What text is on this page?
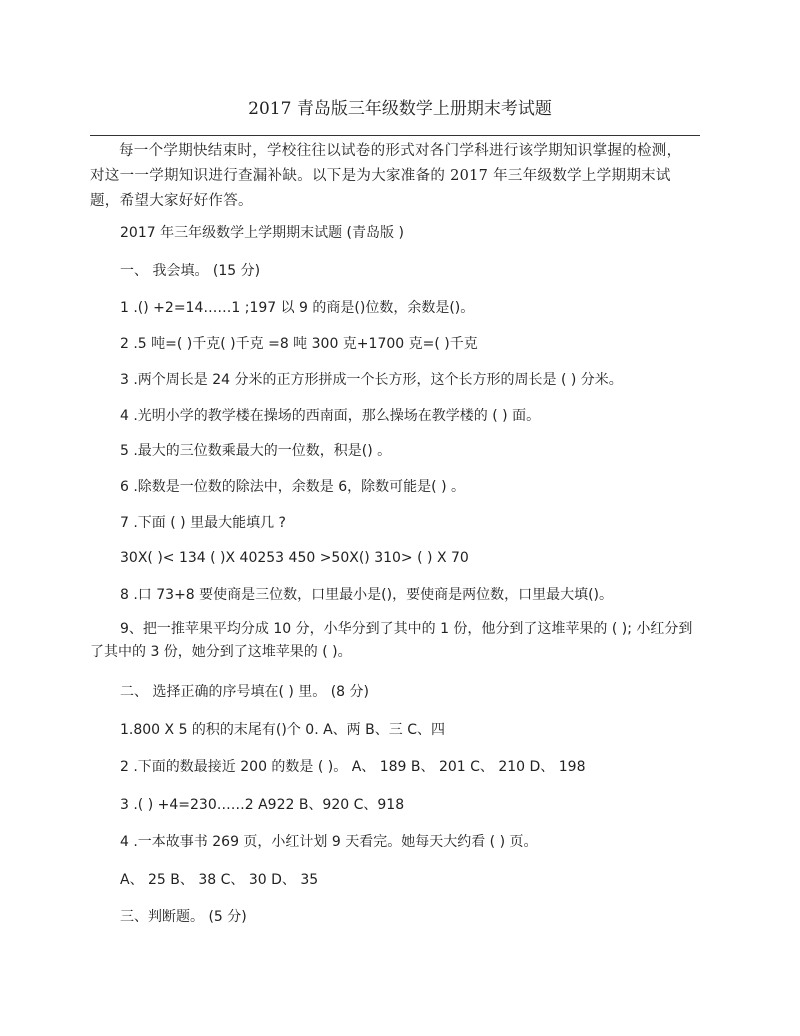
2017 青岛版三年级数学上册期末考试题

每一个学期快结束时，学校往往以试卷的形式对各门学科进行该学期知识掌握的检测，对这一一学期知识进行查漏补缺。以下是为大家准备的 2017 年三年级数学上学期期末试题，希望大家好好作答。

2017 年三年级数学上学期期末试题 (青岛版 )

一、 我会填。 (15 分)

1 .() +2=14……1 ;197 以 9 的商是()位数，余数是()。

2 .5 吨=( )千克( )千克 =8 吨 300 克+1700 克=( )千克

3 .两个周长是 24 分米的正方形拼成一个长方形，这个长方形的周长是 ( ) 分米。

4 .光明小学的教学楼在操场的西南面，那么操场在教学楼的 ( ) 面。

5 .最大的三位数乘最大的一位数，积是() 。

6 .除数是一位数的除法中，余数是 6，除数可能是( ) 。

7 .下面 ( ) 里最大能填几 ?

30X( )< 134 ( )X 40253 450 >50X() 310> ( ) X 70

8 .口 73+8 要使商是三位数，口里最小是()，要使商是两位数，口里最大填()。

9、把一推苹果平均分成 10 分，小华分到了其中的 1 份，他分到了这堆苹果的 ( ); 小红分到了其中的 3 份，她分到了这堆苹果的 ( )。

二、 选择正确的序号填在( ) 里。 (8 分)

1.800 X 5 的积的末尾有()个 0. A、两 B、三 C、四

2 .下面的数最接近 200 的数是 ( )。 A、 189 B、 201 C、 210 D、 198

3 .( ) +4=230……2 A922 B、920 C、918

4 .一本故事书 269 页，小红计划 9 天看完。她每天大约看 ( ) 页。

A、 25 B、 38 C、 30 D、 35

三、判断题。 (5 分)
